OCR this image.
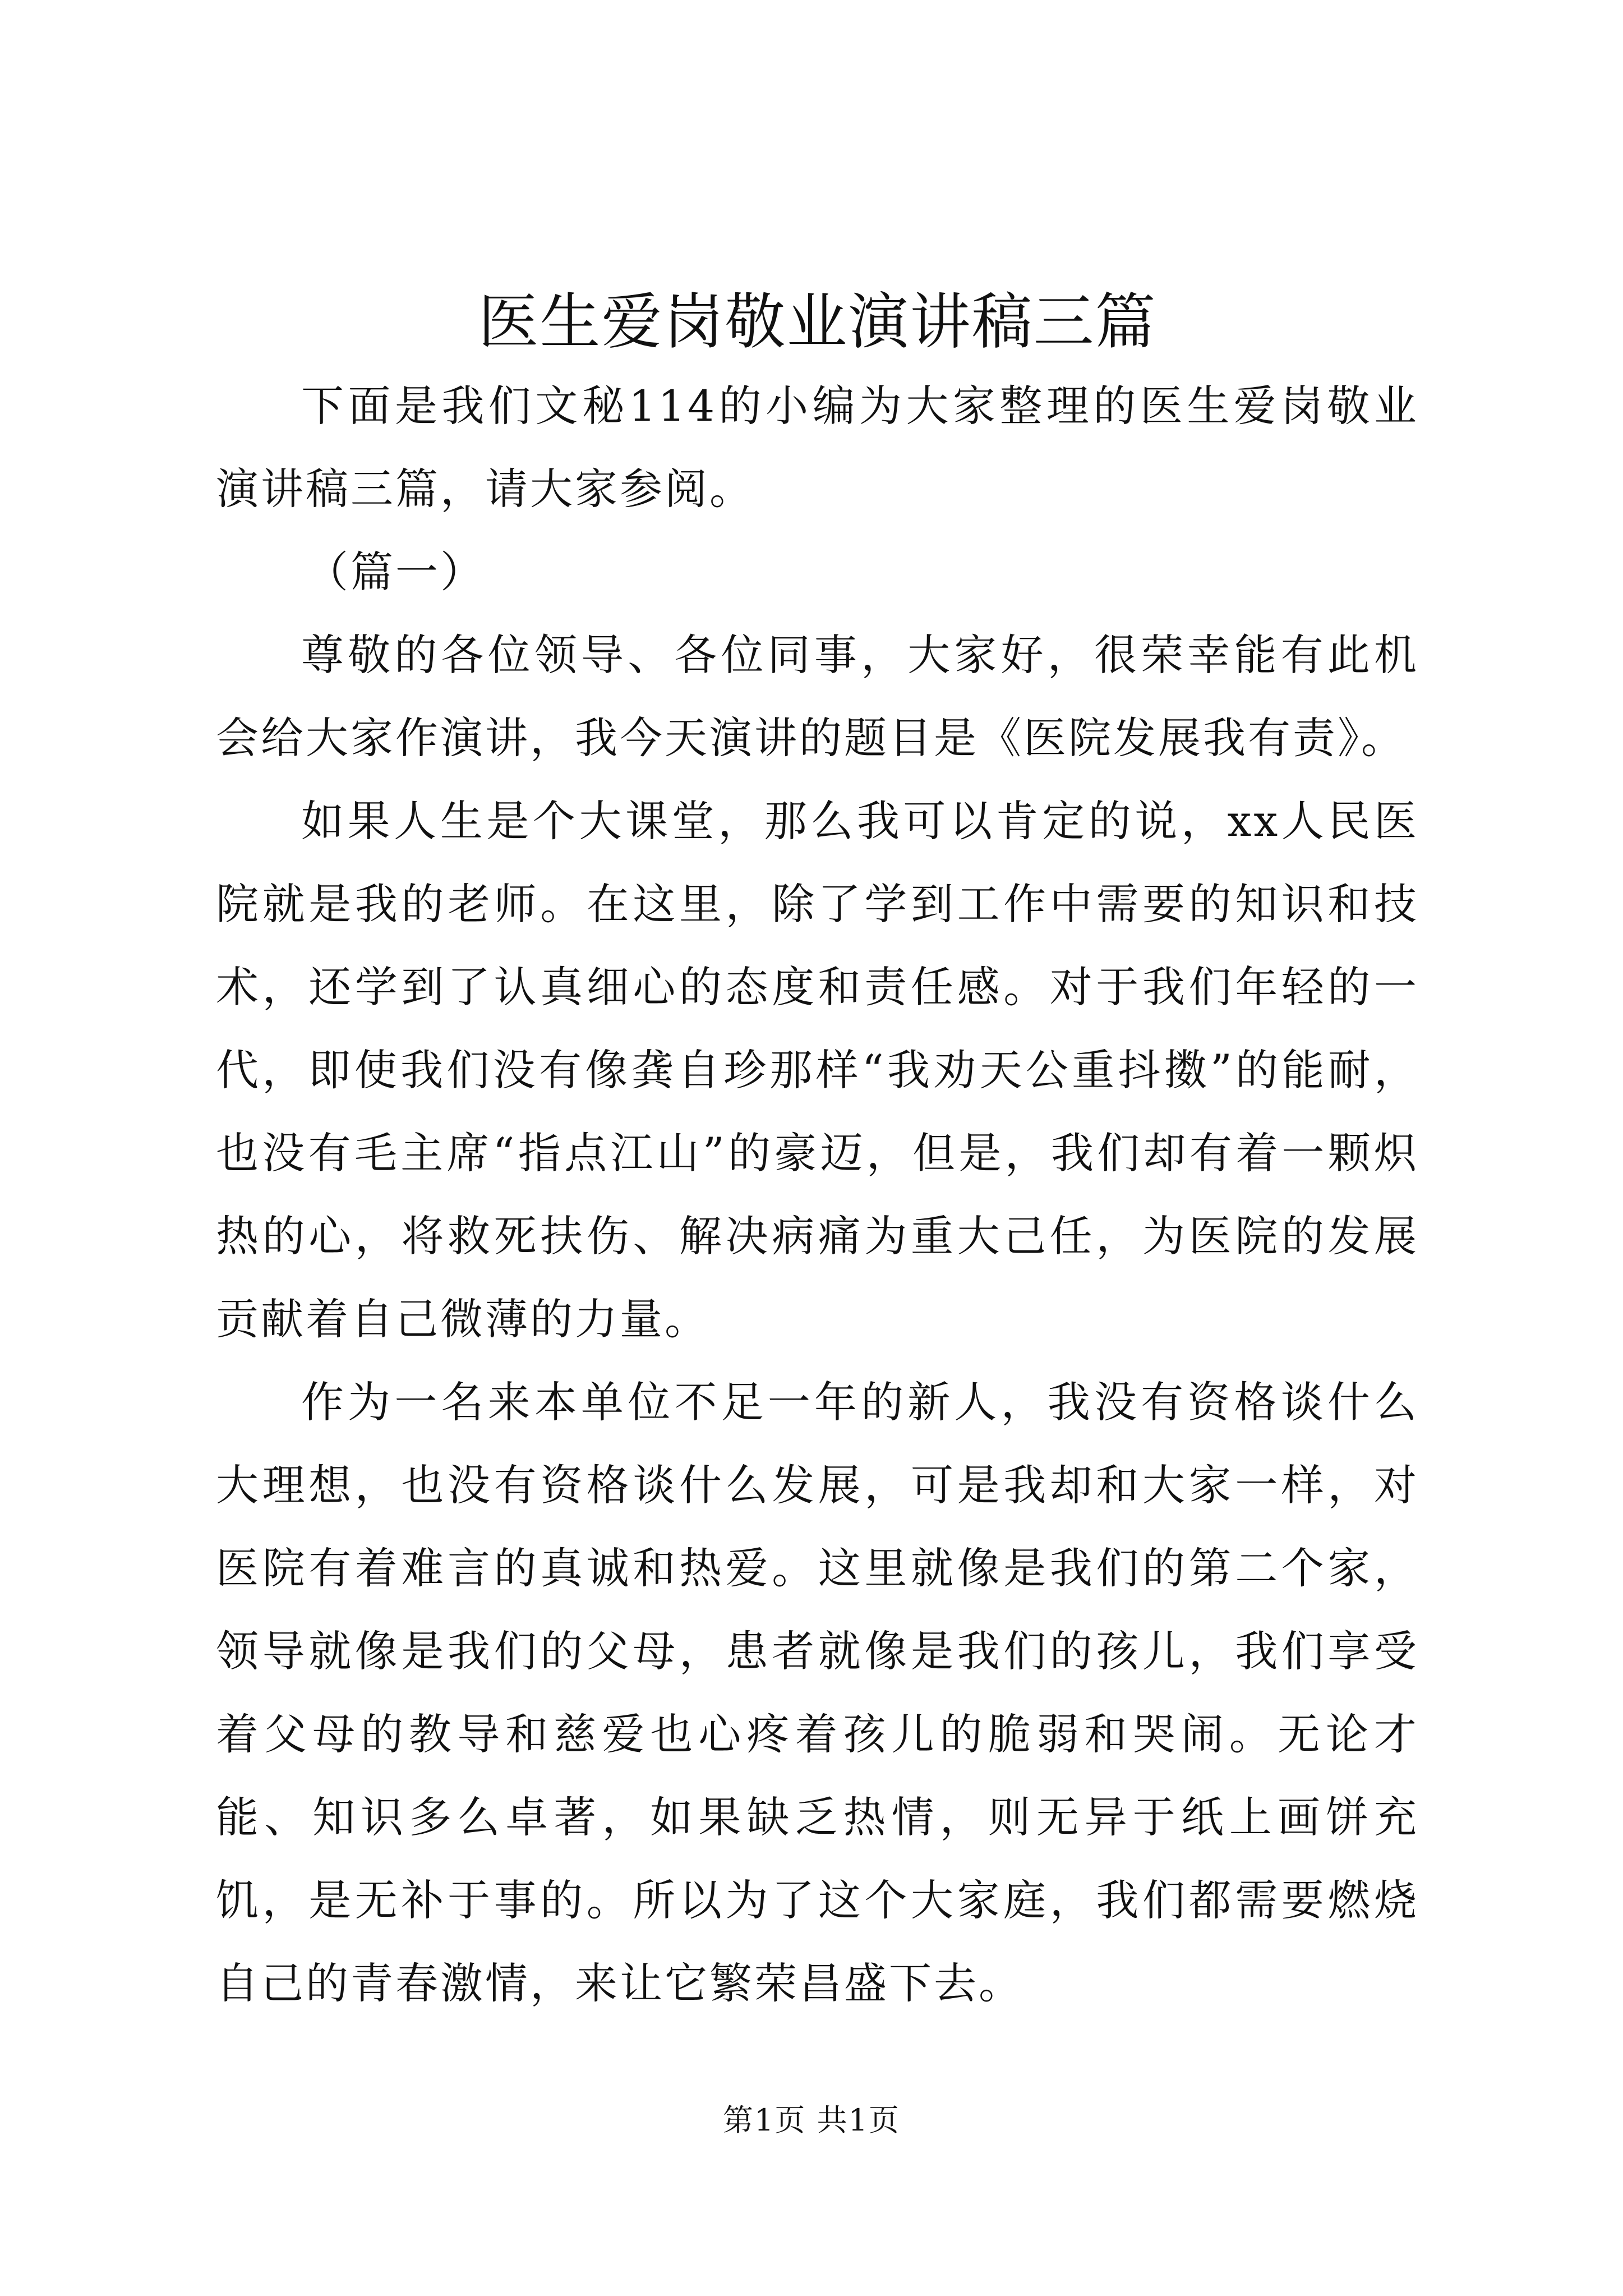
医生爱岗敬业演讲稿三篇

下面是我们文秘114的小编为大家整理的医生爱岗敬业演讲稿三篇，请大家参阅。

（篇一）

尊敬的各位领导、各位同事，大家好，很荣幸能有此机会给大家作演讲，我今天演讲的题目是《医院发展我有责》。

如果人生是个大课堂，那么我可以肯定的说，xx人民医院就是我的老师。在这里，除了学到工作中需要的知识和技术，还学到了认真细心的态度和责任感。对于我们年轻的一代，即使我们没有像龚自珍那样“我劝天公重抖擞”的能耐，也没有毛主席“指点江山”的豪迈，但是，我们却有着一颗炽热的心，将救死扶伤、解决病痛为重大己任，为医院的发展贡献着自己微薄的力量。

作为一名来本单位不足一年的新人，我没有资格谈什么大理想，也没有资格谈什么发展，可是我却和大家一样，对医院有着难言的真诚和热爱。这里就像是我们的第二个家，领导就像是我们的父母，患者就像是我们的孩儿，我们享受着父母的教导和慈爱也心疼着孩儿的脆弱和哭闹。无论才能、知识多么卓著，如果缺乏热情，则无异于纸上画饼充饥，是无补于事的。所以为了这个大家庭，我们都需要燃烧自己的青春激情，来让它繁荣昌盛下去。

第1页 共1页
